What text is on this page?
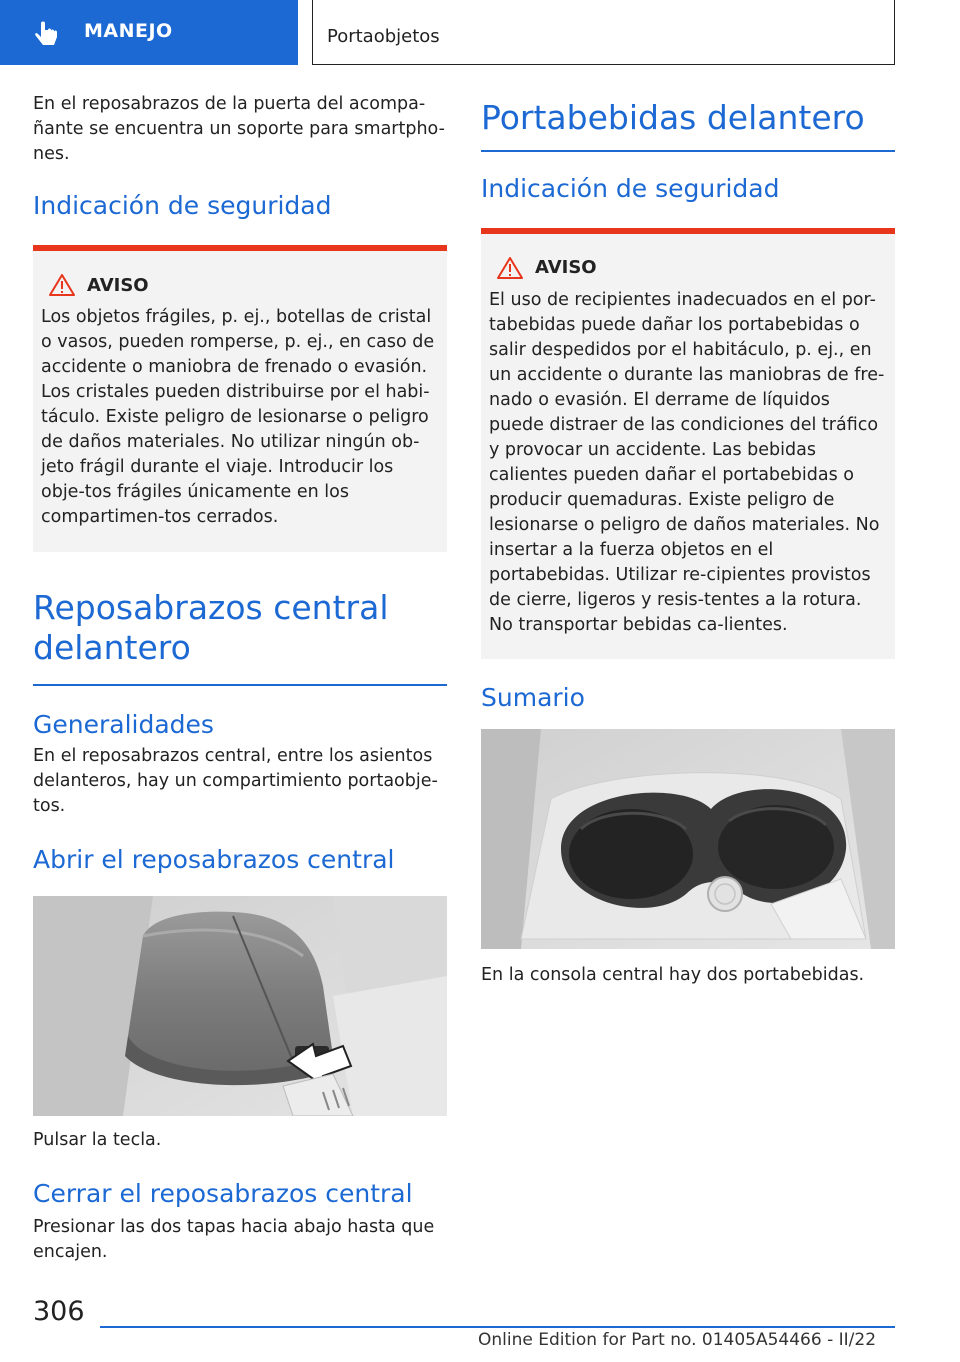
MANEJO	Portaobjetos

En el reposabrazos de la puerta del acompa-ñante se encuentra un soporte para smartpho-nes.

Indicación de seguridad
AVISO

Los objetos frágiles, p. ej., botellas de cristal o vasos, pueden romperse, p. ej., en caso de accidente o maniobra de frenado o evasión. Los cristales pueden distribuirse por el habi-táculo. Existe peligro de lesionarse o peligro de daños materiales. No utilizar ningún ob-jeto frágil durante el viaje. Introducir los obje-tos frágiles únicamente en los compartimen-tos cerrados.

Reposabrazos central delantero
Generalidades

En el reposabrazos central, entre los asientos delanteros, hay un compartimiento portaobje-tos.

Abrir el reposabrazos central

Pulsar la tecla.

Cerrar el reposabrazos central

Presionar las dos tapas hacia abajo hasta que encajen.

Portabebidas delantero
Indicación de seguridad
AVISO

El uso de recipientes inadecuados en el por-tabebidas puede dañar los portabebidas o salir despedidos por el habitáculo, p. ej., en un accidente o durante las maniobras de fre-nado o evasión. El derrame de líquidos puede distraer de las condiciones del tráfico y provocar un accidente. Las bebidas calientes pueden dañar el portabebidas o producir quemaduras. Existe peligro de lesionarse o peligro de daños materiales. No insertar a la fuerza objetos en el portabebidas. Utilizar re-cipientes provistos de cierre, ligeros y resis-tentes a la rotura. No transportar bebidas ca-lientes.

Sumario

En la consola central hay dos portabebidas.

306
Online Edition for Part no. 01405A54466 - II/22
